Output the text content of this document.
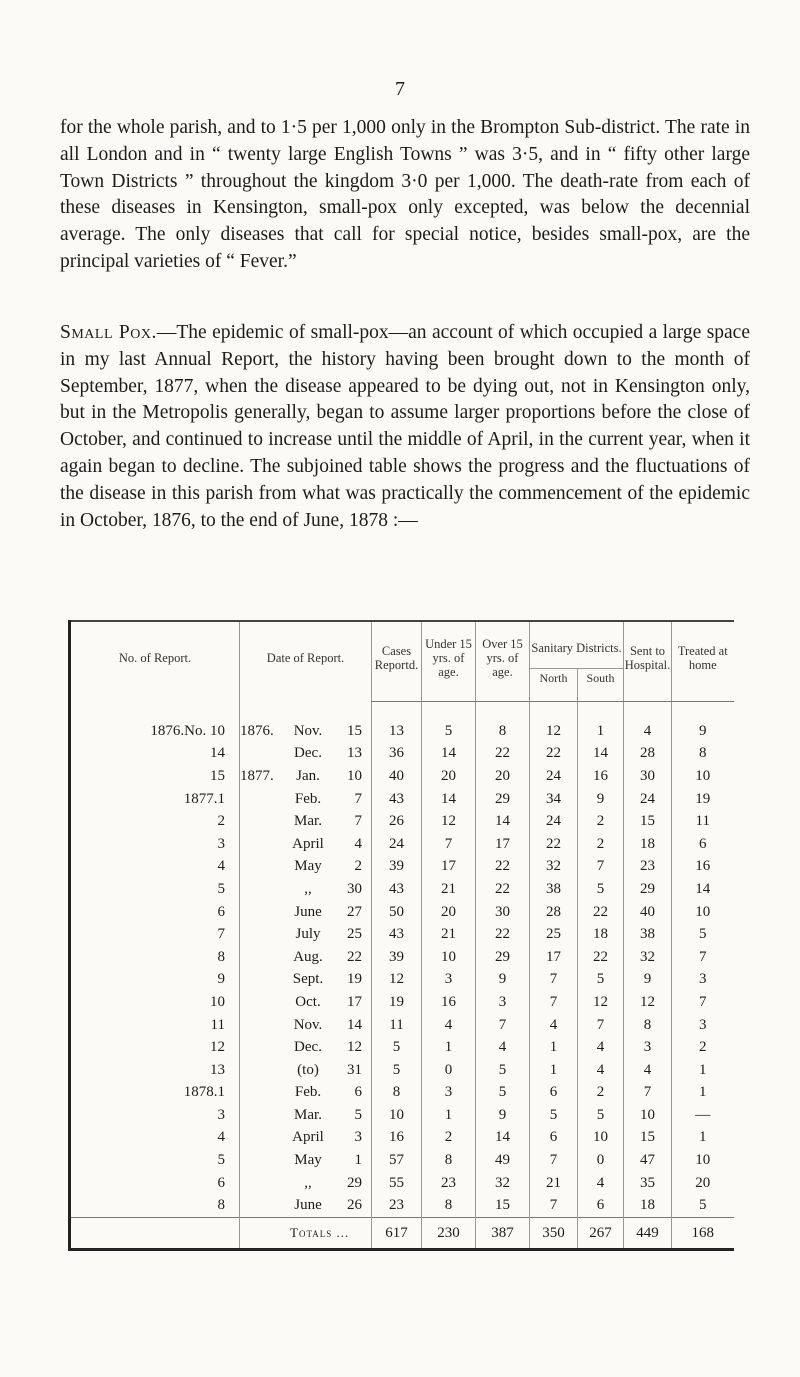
7

for the whole parish, and to 1·5 per 1,000 only in the Brompton Sub-district. The rate in all London and in “ twenty large English Towns ” was 3·5, and in “ fifty other large Town Districts ” throughout the kingdom 3·0 per 1,000. The death-rate from each of these diseases in Kensington, small-pox only excepted, was below the decennial average. The only diseases that call for special notice, besides small-pox, are the principal varieties of “ Fever.”

Small Pox.—The epidemic of small-pox—an account of which occupied a large space in my last Annual Report, the history having been brought down to the month of September, 1877, when the disease appeared to be dying out, not in Kensington only, but in the Metropolis generally, began to assume larger proportions before the close of October, and continued to increase until the middle of April, in the current year, when it again began to decline. The subjoined table shows the progress and the fluctuations of the disease in this parish from what was practically the commencement of the epidemic in October, 1876, to the end of June, 1878 :—

No. of Report.	Date of Report.	Cases Reportd.	Under 15 yrs. of age.	Over 15 yrs. of age.	Sanitary Districts.		Sent to Hospital.	Treated at home
					North	South		

1876.No. 10	1876. Nov. 15	13	5	8	12	1	4	9
14	Dec. 13	36	14	22	22	14	28	8
15	1877. Jan. 10	40	20	20	24	16	30	10
1877.1	Feb. 7	43	14	29	34	9	24	19
2	Mar. 7	26	12	14	24	2	15	11
3	April 4	24	7	17	22	2	18	6
4	May 2	39	17	22	32	7	23	16
5	,, 30	43	21	22	38	5	29	14
6	June 27	50	20	30	28	22	40	10
7	July 25	43	21	22	25	18	38	5
8	Aug. 22	39	10	29	17	22	32	7
9	Sept. 19	12	3	9	7	5	9	3
10	Oct. 17	19	16	3	7	12	12	7
11	Nov. 14	11	4	7	4	7	8	3
12	Dec. 12	5	1	4	1	4	3	2
13	(to) 31	5	0	5	1	4	4	1
1878.1	Feb. 6	8	3	5	6	2	7	1
3	Mar. 5	10	1	9	5	5	10	—
4	April 3	16	2	14	6	10	15	1
5	May 1	57	8	49	7	0	47	10
6	,, 29	55	23	32	21	4	35	20
8	June 26	23	8	15	7	6	18	5
	Totals ...	617	230	387	350	267	449	168
